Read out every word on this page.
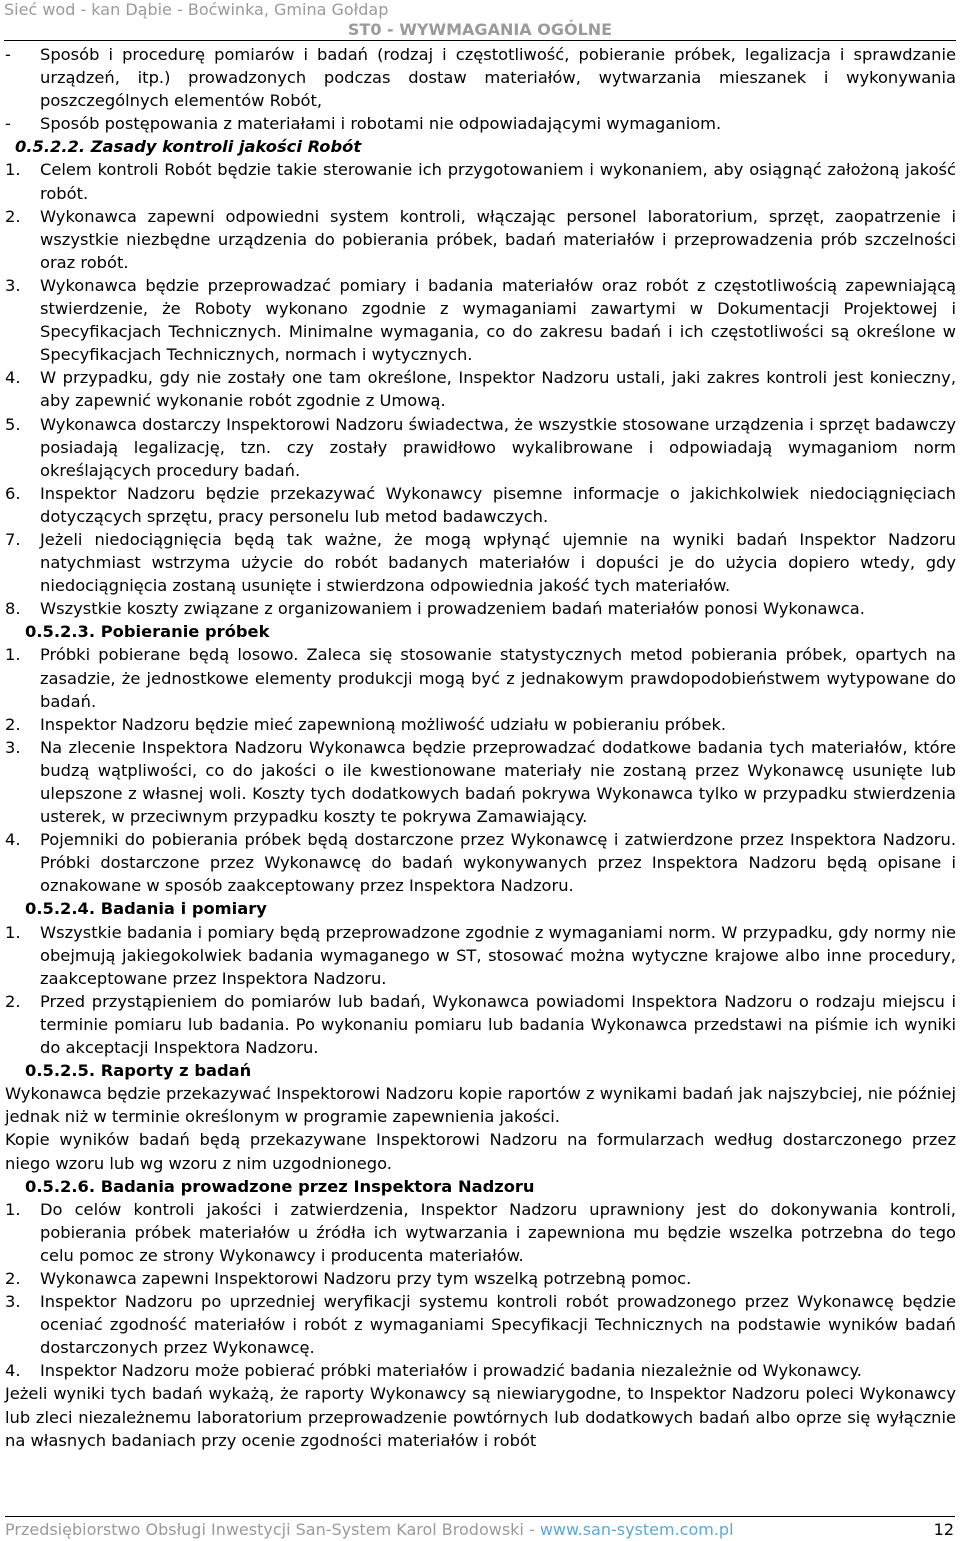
Sieć wod - kan Dąbie - Boćwinka, Gmina Gołdap
ST0 - WYWMAGANIA OGÓLNE
- Sposób i procedurę pomiarów i badań (rodzaj i częstotliwość, pobieranie próbek, legalizacja i sprawdzanie urządzeń, itp.) prowadzonych podczas dostaw materiałów, wytwarzania mieszanek i wykonywania poszczególnych elementów Robót,
- Sposób postępowania z materiałami i robotami nie odpowiadającymi wymaganiom.
0.5.2.2. Zasady kontroli jakości Robót
1. Celem kontroli Robót będzie takie sterowanie ich przygotowaniem i wykonaniem, aby osiągnąć założoną jakość robót.
2. Wykonawca zapewni odpowiedni system kontroli, włączając personel laboratorium, sprzęt, zaopatrzenie i wszystkie niezbędne urządzenia do pobierania próbek, badań materiałów i przeprowadzenia prób szczelności oraz robót.
3. Wykonawca będzie przeprowadzać pomiary i badania materiałów oraz robót z częstotliwością zapewniającą stwierdzenie, że Roboty wykonano zgodnie z wymaganiami zawartymi w Dokumentacji Projektowej i Specyfikacjach Technicznych. Minimalne wymagania, co do zakresu badań i ich częstotliwości są określone w Specyfikacjach Technicznych, normach i wytycznych.
4. W przypadku, gdy nie zostały one tam określone, Inspektor Nadzoru ustali, jaki zakres kontroli jest konieczny, aby zapewnić wykonanie robót zgodnie z Umową.
5. Wykonawca dostarczy Inspektorowi Nadzoru świadectwa, że wszystkie stosowane urządzenia i sprzęt badawczy posiadają legalizację, tzn. czy zostały prawidłowo wykalibrowane i odpowiadają wymaganiom norm określających procedury badań.
6. Inspektor Nadzoru będzie przekazywać Wykonawcy pisemne informacje o jakichkolwiek niedociągnięciach dotyczących sprzętu, pracy personelu lub metod badawczych.
7. Jeżeli niedociągnięcia będą tak ważne, że mogą wpłynąć ujemnie na wyniki badań Inspektor Nadzoru natychmiast wstrzyma użycie do robót badanych materiałów i dopuści je do użycia dopiero wtedy, gdy niedociągnięcia zostaną usunięte i stwierdzona odpowiednia jakość tych materiałów.
8. Wszystkie koszty związane z organizowaniem i prowadzeniem badań materiałów ponosi Wykonawca.
0.5.2.3. Pobieranie próbek
1. Próbki pobierane będą losowo. Zaleca się stosowanie statystycznych metod pobierania próbek, opartych na zasadzie, że jednostkowe elementy produkcji mogą być z jednakowym prawdopodobieństwem wytypowane do badań.
2. Inspektor Nadzoru będzie mieć zapewnioną możliwość udziału w pobieraniu próbek.
3. Na zlecenie Inspektora Nadzoru Wykonawca będzie przeprowadzać dodatkowe badania tych materiałów, które budzą wątpliwości, co do jakości o ile kwestionowane materiały nie zostaną przez Wykonawcę usunięte lub ulepszone z własnej woli. Koszty tych dodatkowych badań pokrywa Wykonawca tylko w przypadku stwierdzenia usterek, w przeciwnym przypadku koszty te pokrywa Zamawiający.
4. Pojemniki do pobierania próbek będą dostarczone przez Wykonawcę i zatwierdzone przez Inspektora Nadzoru. Próbki dostarczone przez Wykonawcę do badań wykonywanych przez Inspektora Nadzoru będą opisane i oznakowane w sposób zaakceptowany przez Inspektora Nadzoru.
0.5.2.4. Badania i pomiary
1. Wszystkie badania i pomiary będą przeprowadzone zgodnie z wymaganiami norm. W przypadku, gdy normy nie obejmują jakiegokolwiek badania wymaganego w ST, stosować można wytyczne krajowe albo inne procedury, zaakceptowane przez Inspektora Nadzoru.
2. Przed przystąpieniem do pomiarów lub badań, Wykonawca powiadomi Inspektora Nadzoru o rodzaju miejscu i terminie pomiaru lub badania. Po wykonaniu pomiaru lub badania Wykonawca przedstawi na piśmie ich wyniki do akceptacji Inspektora Nadzoru.
0.5.2.5. Raporty z badań
Wykonawca będzie przekazywać Inspektorowi Nadzoru kopie raportów z wynikami badań jak najszybciej, nie później jednak niż w terminie określonym w programie zapewnienia jakości.
Kopie wyników badań będą przekazywane Inspektorowi Nadzoru na formularzach według dostarczonego przez niego wzoru lub wg wzoru z nim uzgodnionego.
0.5.2.6. Badania prowadzone przez Inspektora Nadzoru
1. Do celów kontroli jakości i zatwierdzenia, Inspektor Nadzoru uprawniony jest do dokonywania kontroli, pobierania próbek materiałów u źródła ich wytwarzania i zapewniona mu będzie wszelka potrzebna do tego celu pomoc ze strony Wykonawcy i producenta materiałów.
2. Wykonawca zapewni Inspektorowi Nadzoru przy tym wszelką potrzebną pomoc.
3. Inspektor Nadzoru po uprzedniej weryfikacji systemu kontroli robót prowadzonego przez Wykonawcę będzie oceniać zgodność materiałów i robót z wymaganiami Specyfikacji Technicznych na podstawie wyników badań dostarczonych przez Wykonawcę.
4. Inspektor Nadzoru może pobierać próbki materiałów i prowadzić badania niezależnie od Wykonawcy.
Jeżeli wyniki tych badań wykażą, że raporty Wykonawcy są niewiarygodne, to Inspektor Nadzoru poleci Wykonawcy lub zleci niezależnemu laboratorium przeprowadzenie powtórnych lub dodatkowych badań albo oprze się wyłącznie na własnych badaniach przy ocenie zgodności materiałów i robót
Przedsiębiorstwo Obsługi Inwestycji San-System Karol Brodowski - www.san-system.com.pl	12
